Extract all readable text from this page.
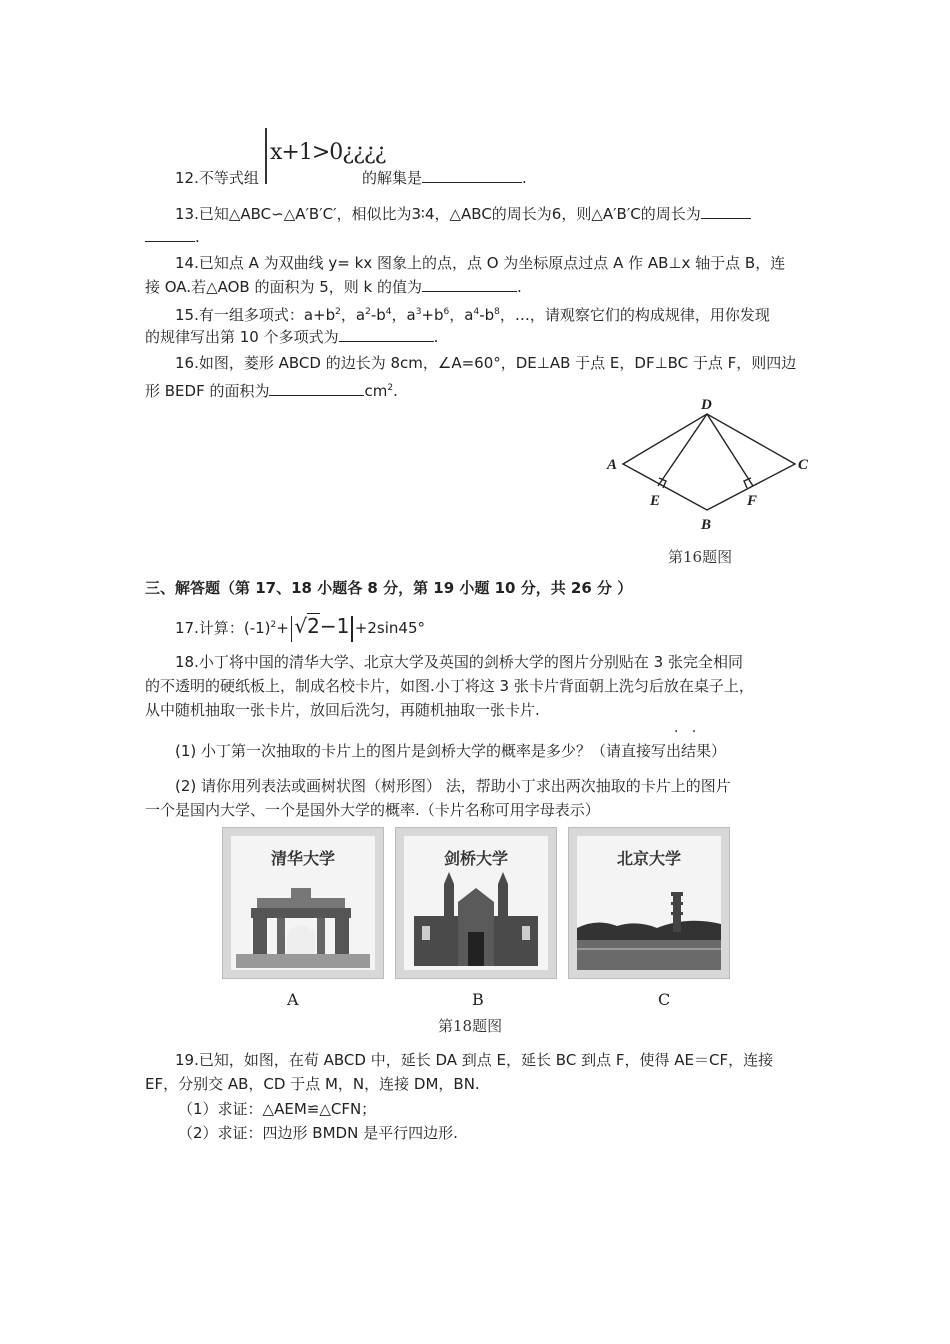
12.不等式组
x+1>0¿¿¿¿
的解集是	.
13.已知△ABC∽△A′B′C′，相似比为3∶4，△ABC的周长为6，则△A′B′C的周长为
.
14.已知点 A 为双曲线 y= kx 图象上的点，点 O 为坐标原点过点 A 作 AB⊥x 轴于点 B，连
接 OA.若△AOB 的面积为 5，则 k 的值为	.
15.有一组多项式：$a+b^2$，$a^2-b^4$，$a^3+b^6$，$a^4-b^8$，…，请观察它们的构成规律，用你发现
的规律写出第 10 个多项式为	.
16.如图，菱形 ABCD 的边长为 8cm，∠A=60°，DE⊥AB 于点 E，DF⊥BC 于点 F，则四边
形 BEDF 的面积为	$cm^2$.
D
A	C
E	F
B
第16题图
三、解答题（第 17、18 小题各 8 分，第 19 小题 10 分，共 26 分 ）
17.计算：$(-1)^2+ √2-1 +2\sin 45^\circ$
18.小丁将中国的清华大学、北京大学及英国的剑桥大学的图片分别贴在 3 张完全相同
的不透明的硬纸板上，制成名校卡片，如图.小丁将这 3 张卡片背面朝上洗匀后放在桌子上，
从中随机抽取一张卡片，放回后洗匀，再随机抽取一张卡片.
·   ·
(1) 小丁第一次抽取的卡片上的图片是剑桥大学的概率是多少？（请直接写出结果）
(2) 请你用列表法或画树状图（树形图） 法，帮助小丁求出两次抽取的卡片上的图片
一个是国内大学、一个是国外大学的概率.（卡片名称可用字母表示）
清华大学	剑桥大学	北京大学
A	B	C
第18题图
19.已知，如图，在荀 ABCD 中，延长 DA 到点 E，延长 BC 到点 F，使得 AE＝CF，连接
EF，分别交 AB，CD 于点 M，N，连接 DM，BN.
（1）求证：△AEM≌△CFN；
（2）求证：四边形 BMDN 是平行四边形.
